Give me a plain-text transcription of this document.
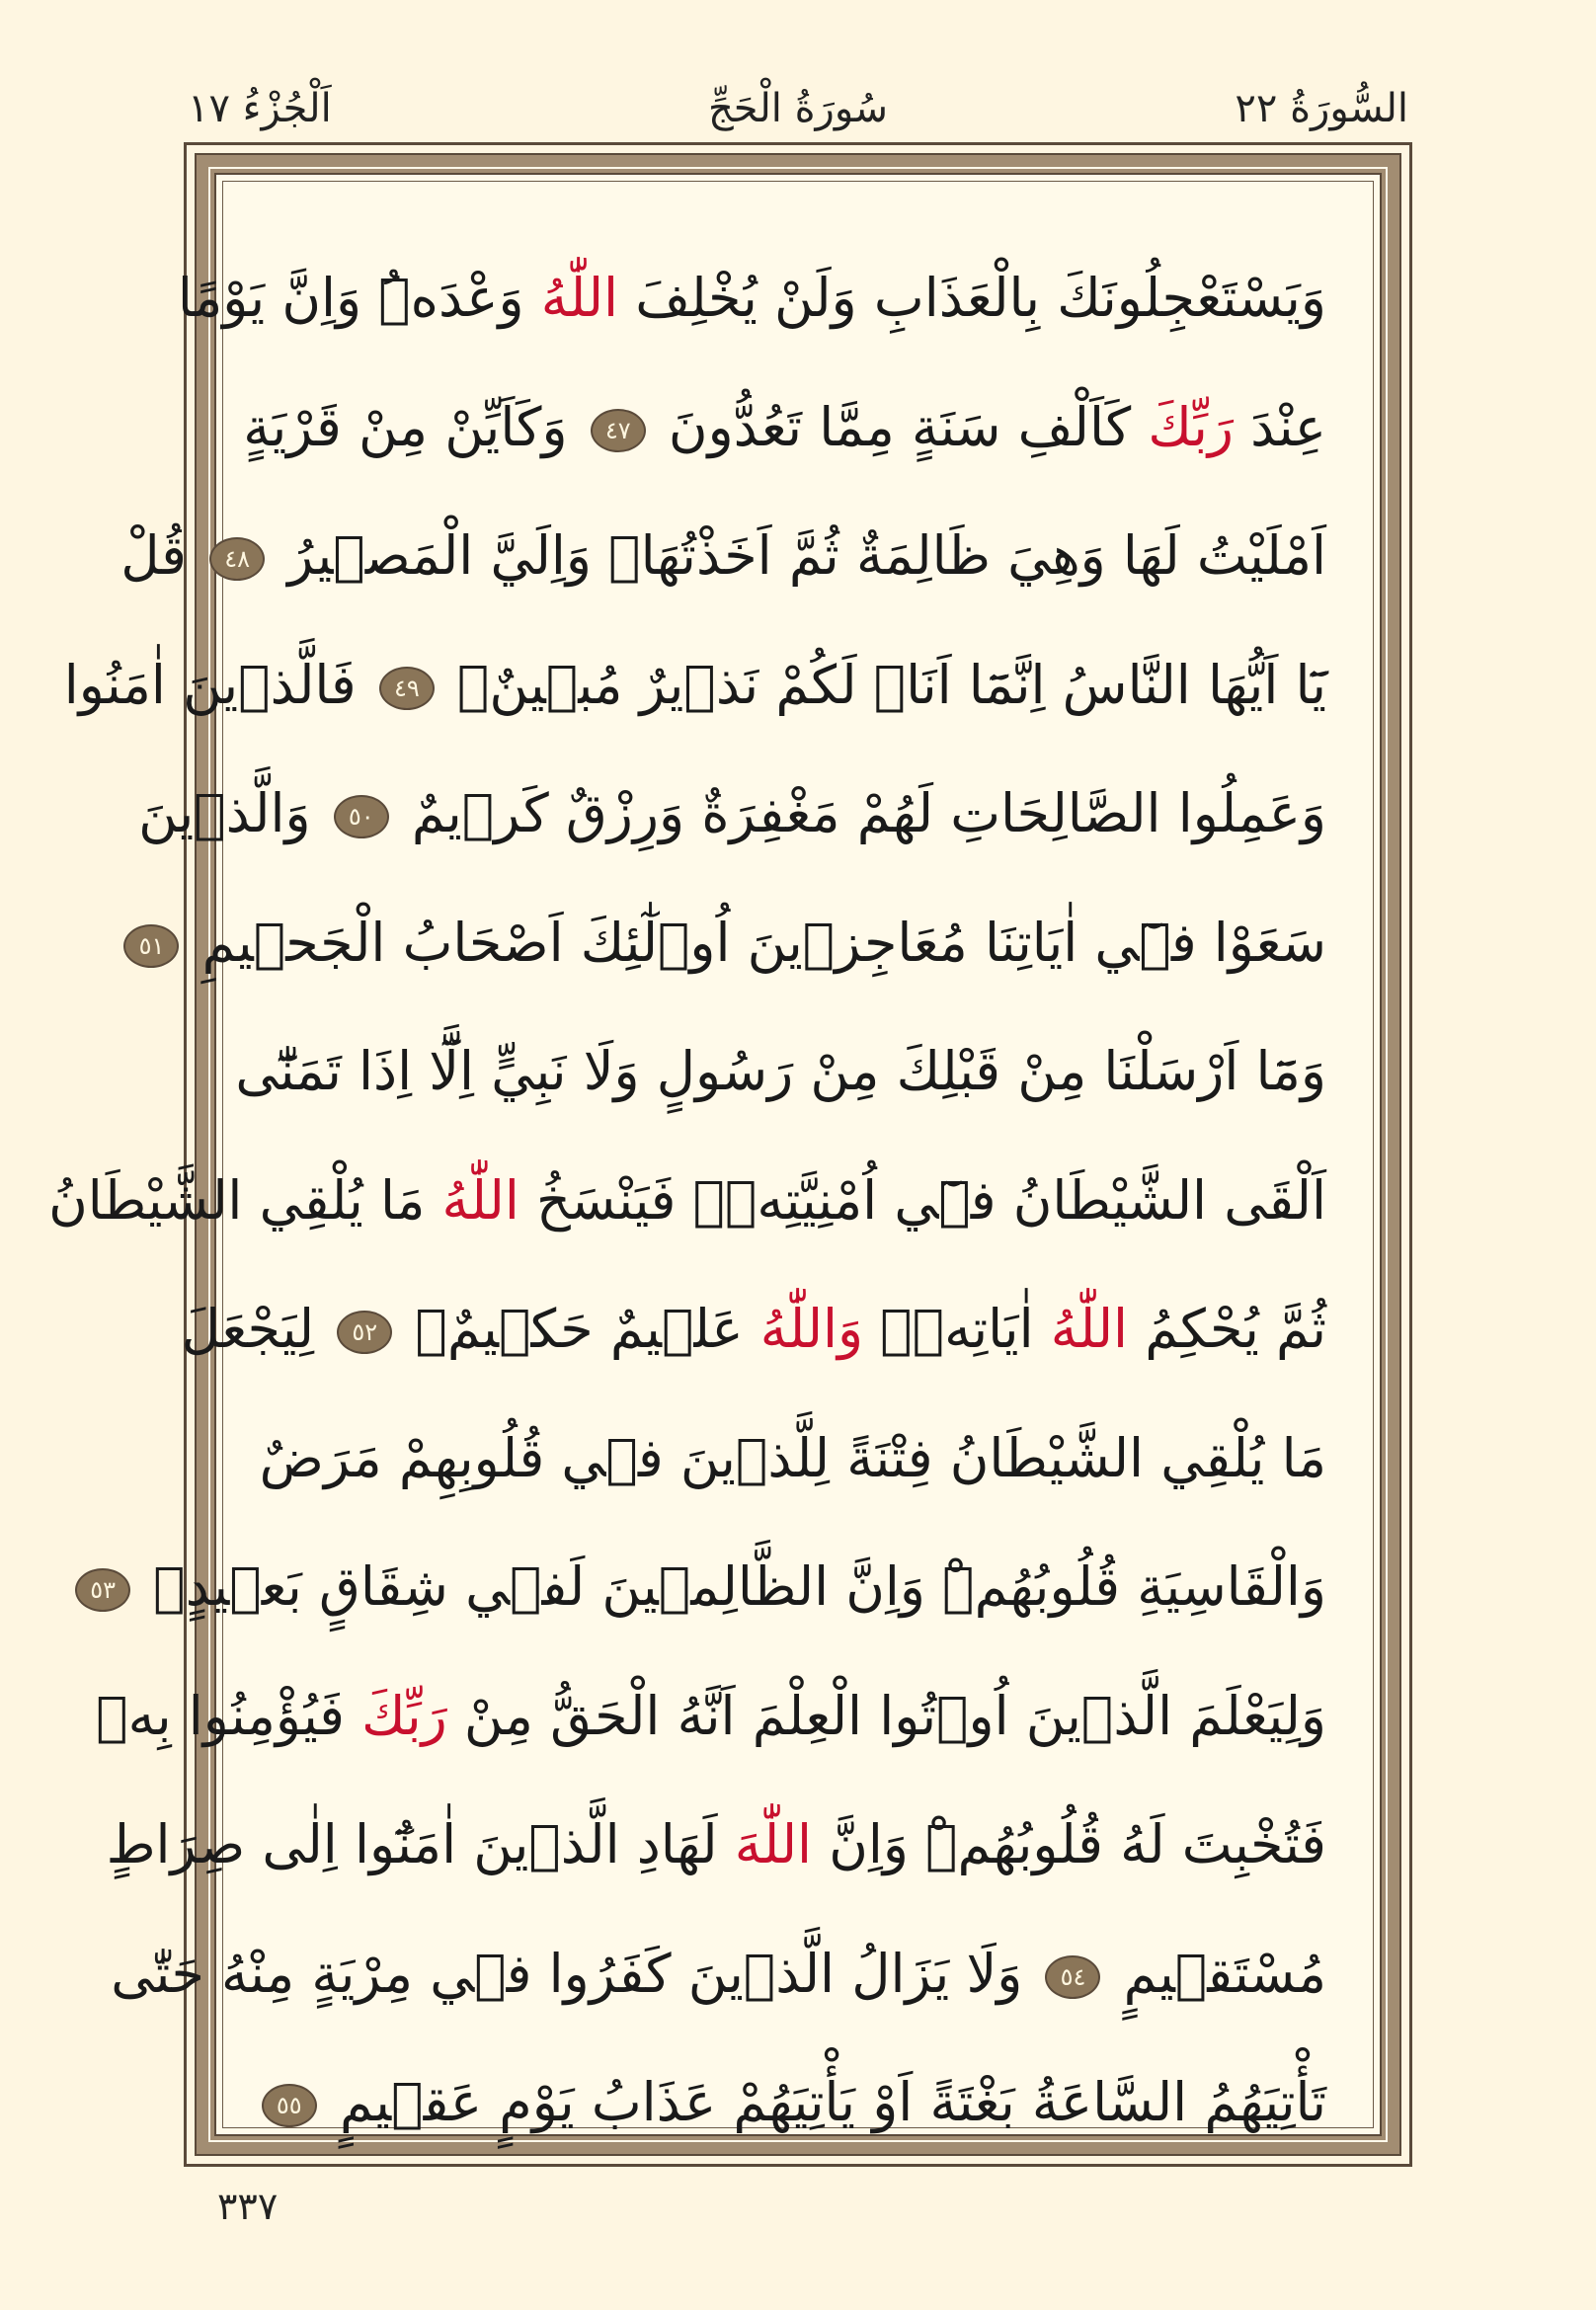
السُّورَةُ ٢٢
سُورَةُ الْحَجِّ
اَلْجُزْءُ ١٧
وَيَسْتَعْجِلُونَكَ بِالْعَذَابِ وَلَنْ يُخْلِفَ اللّٰهُ وَعْدَهُۜ وَاِنَّ يَوْمًا
عِنْدَ رَبِّكَ كَاَلْفِ سَنَةٍ مِمَّا تَعُدُّونَ ٤٧ وَكَاَيِّنْ مِنْ قَرْيَةٍ
اَمْلَيْتُ لَهَا وَهِيَ ظَالِمَةٌ ثُمَّ اَخَذْتُهَاۚ وَاِلَيَّ الْمَص۪يرُ ٤٨ قُلْ
يَٓا اَيُّهَا النَّاسُ اِنَّمَٓا اَنَا۬ لَكُمْ نَذ۪يرٌ مُب۪ينٌۚ ٤٩ فَالَّذ۪ينَ اٰمَنُوا
وَعَمِلُوا الصَّالِحَاتِ لَهُمْ مَغْفِرَةٌ وَرِزْقٌ كَر۪يمٌ ٥٠ وَالَّذ۪ينَ
سَعَوْا ف۪ٓي اٰيَاتِنَا مُعَاجِز۪ينَ اُو۬لٰٓئِكَ اَصْحَابُ الْجَح۪يمِ ٥١
وَمَٓا اَرْسَلْنَا مِنْ قَبْلِكَ مِنْ رَسُولٍ وَلَا نَبِيٍّ اِلَّٓا اِذَا تَمَنّٰٓى
اَلْقَى الشَّيْطَانُ ف۪ٓي اُمْنِيَّتِه۪ۚ فَيَنْسَخُ اللّٰهُ مَا يُلْقِي الشَّيْطَانُ
ثُمَّ يُحْكِمُ اللّٰهُ اٰيَاتِه۪ۜ وَاللّٰهُ عَل۪يمٌ حَك۪يمٌۙ ٥٢ لِيَجْعَلَ
مَا يُلْقِي الشَّيْطَانُ فِتْنَةً لِلَّذ۪ينَ ف۪ي قُلُوبِهِمْ مَرَضٌ
وَالْقَاسِيَةِ قُلُوبُهُمْۜ وَاِنَّ الظَّالِم۪ينَ لَف۪ي شِقَاقٍ بَع۪يدٍۙ ٥٣
وَلِيَعْلَمَ الَّذ۪ينَ اُو۫تُوا الْعِلْمَ اَنَّهُ الْحَقُّ مِنْ رَبِّكَ فَيُؤْمِنُوا بِه۪
فَتُخْبِتَ لَهُ قُلُوبُهُمْۜ وَاِنَّ اللّٰهَ لَهَادِ الَّذ۪ينَ اٰمَنُٓوا اِلٰى صِرَاطٍ
مُسْتَق۪يمٍ ٥٤ وَلَا يَزَالُ الَّذ۪ينَ كَفَرُوا ف۪ي مِرْيَةٍ مِنْهُ حَتّٰى
تَأْتِيَهُمُ السَّاعَةُ بَغْتَةً اَوْ يَأْتِيَهُمْ عَذَابُ يَوْمٍ عَق۪يمٍ ٥٥
٣٣٧
